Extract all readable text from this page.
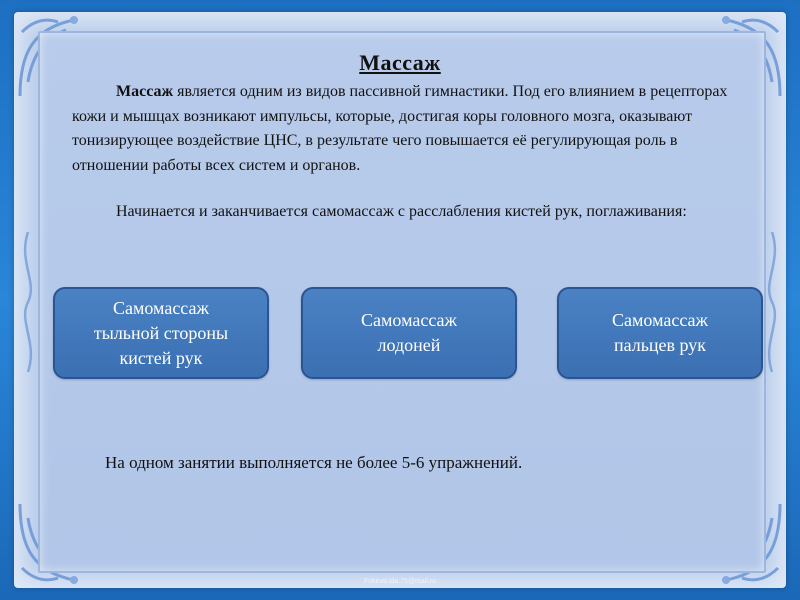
Массаж

Массаж является одним из видов пассивной гимнастики. Под его влиянием в рецепторах кожи и мышцах возникают импульсы, которые, достигая коры головного мозга, оказывают тонизирующее воздействие ЦНС, в результате чего повышается её регулирующая роль в отношении работы всех систем и органов.

Начинается и заканчивается самомассаж с расслабления кистей рук, поглаживания:

Самомассаж
тыльной стороны
кистей рук
Самомассаж
лодоней
Самомассаж
пальцев рук
На одном занятии выполняется не более 5-6 упражнений.
FokinaLida.75@mail.ru
